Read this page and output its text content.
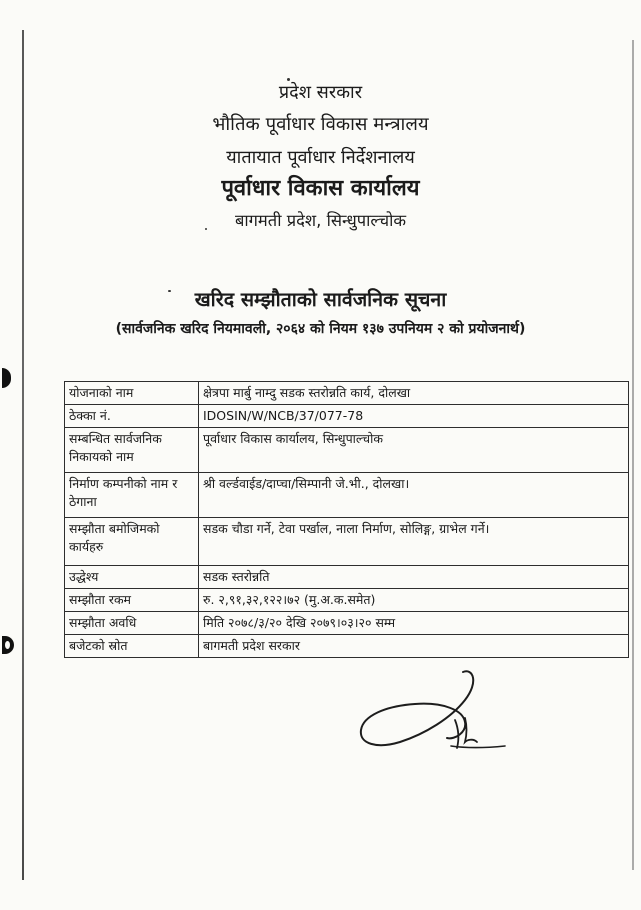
प्रदेश सरकार
भौतिक पूर्वाधार विकास मन्त्रालय
यातायात पूर्वाधार निर्देशनालय
पूर्वाधार विकास कार्यालय
बागमती प्रदेश, सिन्धुपाल्चोक
खरिद सम्झौताको सार्वजनिक सूचना
(सार्वजनिक खरिद नियमावली, २०६४ को नियम १३७ उपनियम २ को प्रयोजनार्थ)
योजनाको नाम	क्षेत्रपा मार्बु नाम्दु सडक स्तरोन्नति कार्य, दोलखा
ठेक्का नं.	IDOSIN/W/NCB/37/077-78
सम्बन्धित सार्वजनिक निकायको नाम	पूर्वाधार विकास कार्यालय, सिन्धुपाल्चोक
निर्माण कम्पनीको नाम र ठेगाना	श्री वर्ल्डवाईड/दाप्चा/सिम्पानी जे.भी., दोलखा।
सम्झौता बमोजिमको कार्यहरु	सडक चौडा गर्ने, टेवा पर्खाल, नाला निर्माण, सोलिङ्ग, ग्राभेल गर्ने।
उद्धेश्य	सडक स्तरोन्नति
सम्झौता रकम	रु. २,९१,३२,१२२।७२ (मु.अ.क.समेत)
सम्झौता अवधि	मिति २०७८/३/२० देखि २०७९।०३।२० सम्म
बजेटको स्रोत	बागमती प्रदेश सरकार
